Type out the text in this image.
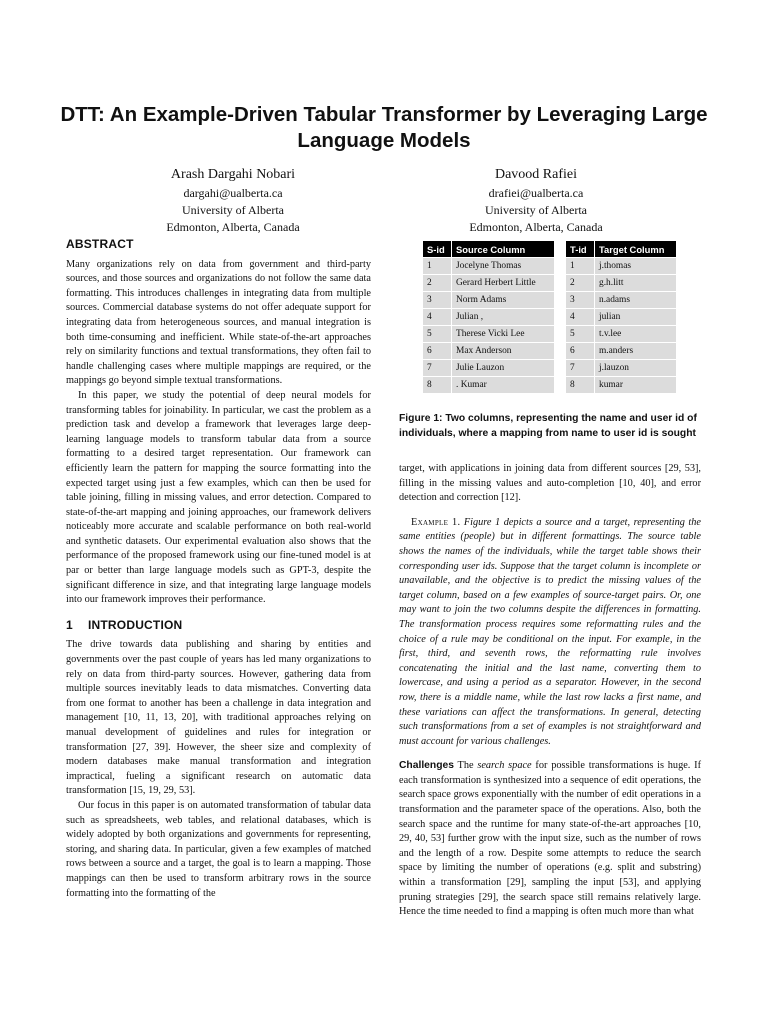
DTT: An Example-Driven Tabular Transformer by Leveraging Large Language Models
Arash Dargahi Nobari
dargahi@ualberta.ca
University of Alberta
Edmonton, Alberta, Canada
Davood Rafiei
drafiei@ualberta.ca
University of Alberta
Edmonton, Alberta, Canada
ABSTRACT

Many organizations rely on data from government and third-party sources, and those sources and organizations do not follow the same data formatting. This introduces challenges in integrating data from multiple sources. Commercial database systems do not offer adequate support for integrating data from heterogeneous sources, and manual integration is both time-consuming and inefficient. While state-of-the-art approaches rely on similarity functions and textual transformations, they often fail to handle challenging cases where multiple mappings are required, or the mappings go beyond simple textual transformations.

In this paper, we study the potential of deep neural models for transforming tables for joinability. In particular, we cast the problem as a prediction task and develop a framework that leverages large deep-learning language models to transform tabular data from a source formatting to a desired target representation. Our framework can efficiently learn the pattern for mapping the source formatting into the expected target using just a few examples, which can then be used for table joining, filling in missing values, and error detection. Compared to state-of-the-art mapping and joining approaches, our framework delivers noticeably more accurate and scalable performance on both real-world and synthetic datasets. Our experimental evaluation also shows that the performance of the proposed framework using our fine-tuned model is at par or better than large language models such as GPT-3, despite the significant difference in size, and that integrating large language models into our framework improves their performance.

1	INTRODUCTION

The drive towards data publishing and sharing by entities and governments over the past couple of years has led many organizations to rely on data from third-party sources. However, gathering data from multiple sources inevitably leads to data mismatches. Converting data from one format to another has been a challenge in data integration and management [10, 11, 13, 20], with traditional approaches relying on manual development of guidelines and rules for integration or transformation [27, 39]. However, the sheer size and complexity of modern databases make manual transformation and integration impractical, fueling a significant research on automatic data transformation [15, 19, 29, 53].

Our focus in this paper is on automated transformation of tabular data such as spreadsheets, web tables, and relational databases, which is widely adopted by both organizations and governments for representing, storing, and sharing data. In particular, given a few examples of matched rows between a source and a target, the goal is to learn a mapping. Those mappings can then be used to transform arbitrary rows in the source formatting into the formatting of the

S-id	Source Column
1	Jocelyne Thomas
2	Gerard Herbert Little
3	Norm Adams
4	Julian ,
5	Therese Vicki Lee
6	Max Anderson
7	Julie Lauzon
8	. Kumar
T-id	Target Column
1	j.thomas
2	g.h.litt
3	n.adams
4	julian
5	t.v.lee
6	m.anders
7	j.lauzon
8	kumar
Figure 1: Two columns, representing the name and user id of individuals, where a mapping from name to user id is sought

target, with applications in joining data from different sources [29, 53], filling in the missing values and auto-completion [10, 40], and error detection and correction [12].

Example 1. Figure 1 depicts a source and a target, representing the same entities (people) but in different formattings. The source table shows the names of the individuals, while the target table shows their corresponding user ids. Suppose that the target column is incomplete or unavailable, and the objective is to predict the missing values of the target column, based on a few examples of source-target pairs. Or, one may want to join the two columns despite the differences in formatting. The transformation process requires some reformatting rules and the choice of a rule may be conditional on the input. For example, in the first, third, and seventh rows, the reformatting rule involves concatenating the initial and the last name, converting them to lowercase, and using a period as a separator. However, in the second row, there is a middle name, while the last row lacks a first name, and these variations can affect the transformations. In general, detecting such transformations from a set of examples is not straightforward and must account for various challenges.

Challenges The search space for possible transformations is huge. If each transformation is synthesized into a sequence of edit operations, the search space grows exponentially with the number of edit operations in a transformation and the parameter space of the operations. Also, both the search space and the runtime for many state-of-the-art approaches [10, 29, 40, 53] further grow with the input size, such as the number of rows and the length of a row. Despite some attempts to reduce the search space by limiting the number of operations (e.g. split and substring) within a transformation [29], sampling the input [53], and applying pruning strategies [29], the search space still remains relatively large. Hence the time needed to find a mapping is often much more than what
